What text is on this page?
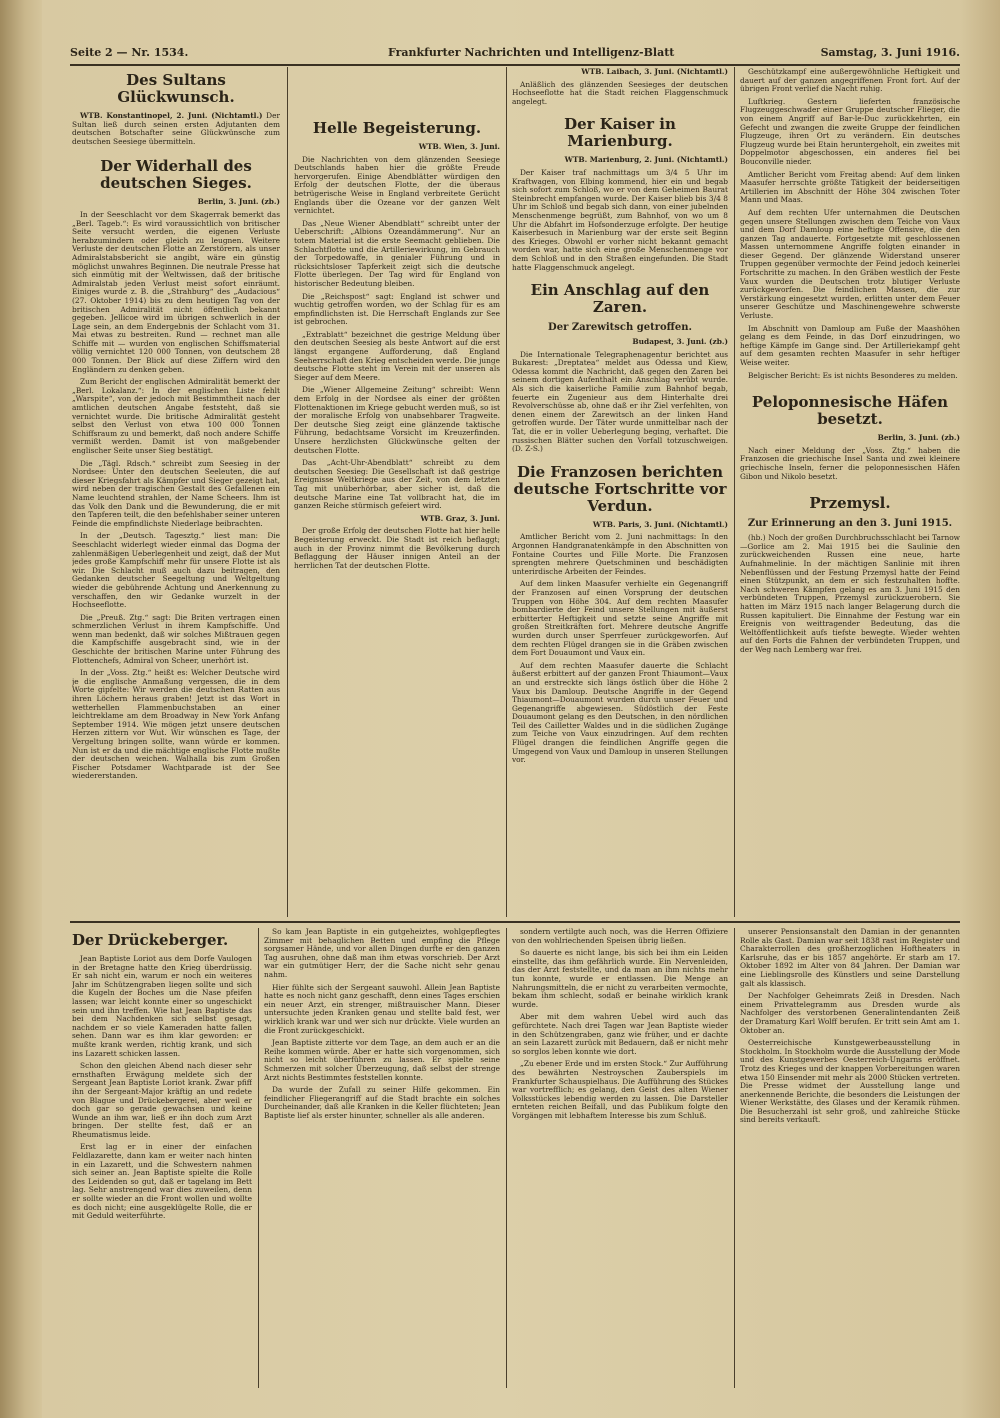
Seite 2 — Nr. 1534.	Frankfurter Nachrichten und Intelligenz-Blatt	Samstag, 3. Juni 1916.
Des Sultans Glückwunsch.

WTB. Konstantinopel, 2. Juni. (Nichtamtl.) Der Sultan ließ durch seinen ersten Adjutanten dem deutschen Botschafter seine Glückwünsche zum deutschen Seesiege übermitteln.

Der Widerhall des deutschen Sieges.

Berlin, 3. Juni. (zb.)

In der Seeschlacht vor dem Skagerrak bemerkt das „Berl. Tageb.“: Es wird voraussichtlich von britischer Seite versucht werden, die eigenen Verluste herabzumindern oder gleich zu leugnen. Weitere Verluste der deutschen Flotte an Zerstörern, als unser Admiralstabsbericht sie angibt, wäre ein günstig möglichst unwahres Beginnen. Die neutrale Presse hat sich einmütig mit der Weltwissen, daß der britische Admiralstab jeden Verlust meist sofort einräumt. Einiges wurde z. B. die „Strahburg“ des „Audacious“ (27. Oktober 1914) bis zu dem heutigen Tag von der britischen Admiralität nicht öffentlich bekannt gegeben. Jellicoe wird im übrigen schwerlich in der Lage sein, an dem Endergebnis der Schlacht vom 31. Mai etwas zu bestreiten. Rund — rechnet man alle Schiffe mit — wurden von englischen Schiffsmaterial völlig vernichtet 120 000 Tonnen, von deutschem 28 000 Tonnen. Der Blick auf diese Ziffern wird den Engländern zu denken geben.

Zum Bericht der englischen Admiralität bemerkt der „Berl. Lokalanz.“: In der englischen Liste fehlt „Warspite“, von der jedoch mit Bestimmtheit nach der amtlichen deutschen Angabe feststeht, daß sie vernichtet wurde. Die britische Admiralität gesteht selbst den Verlust von etwa 100 000 Tonnen Schiffsraum zu und bemerkt, daß noch andere Schiffe vermißt werden. Damit ist von maßgebender englischer Seite unser Sieg bestätigt.

Die „Tägl. Rdsch.“ schreibt zum Seesieg in der Nordsee: Unter den deutschen Seeleuten, die auf dieser Kriegsfahrt als Kämpfer und Sieger gezeigt hat, wird neben der tragischen Gestalt des Gefallenen ein Name leuchtend strahlen, der Name Scheers. Ihm ist das Volk den Dank und die Bewunderung, die er mit den Tapferen teilt, die den befehlshaber seiner unteren Feinde die empfindlichste Niederlage beibrachten.

In der „Deutsch. Tagesztg.“ liest man: Die Seeschlacht widerlegt wieder einmal das Dogma der zahlenmäßigen Ueberlegenheit und zeigt, daß der Mut jedes große Kampfschiff mehr für unsere Flotte ist als wir. Die Schlacht muß auch dazu beitragen, den Gedanken deutscher Seegeltung und Weltgeltung wieder die gebührende Achtung und Anerkennung zu verschaffen, den wir Gedanke wurzelt in der Hochseeflotte.

Die „Preuß. Ztg.“ sagt: Die Briten vertragen einen schmerzlichen Verlust in ihrem Kampfschiffe. Und wenn man bedenkt, daß wir solches Mißtrauen gegen die Kampfschiffe ausgebracht sind, wie in der Geschichte der britischen Marine unter Führung des Flottenchefs, Admiral von Scheer, unerhört ist.

In der „Voss. Ztg.“ heißt es: Welcher Deutsche wird je die englische Anmaßung vergessen, die in dem Worte gipfelte: Wir werden die deutschen Ratten aus ihren Löchern heraus graben! Jetzt ist das Wort in wetterhellen Flammenbuchstaben an einer leichtreklame am dem Broadway in New York Anfang September 1914. Wie mögen jetzt unsere deutschen Herzen zittern vor Wut. Wir wünschen es Tage, der Vergeltung bringen sollte, wann würde er kommen. Nun ist er da und die mächtige englische Flotte mußte der deutschen weichen. Walhalla bis zum Großen Fischer Potsdamer Wachtparade ist der See wiedererstanden.

Helle Begeisterung.

WTB. Wien, 3. Juni.

Die Nachrichten von dem glänzenden Seesiege Deutschlands haben hier die größte Freude hervorgerufen. Einige Abendblätter würdigen den Erfolg der deutschen Flotte, der die überaus betrügerische Weise in England verbreitete Gerücht Englands über die Ozeane vor der ganzen Welt vernichtet.

Das „Neue Wiener Abendblatt“ schreibt unter der Ueberschrift: „Albions Ozeandämmerung“. Nur an totem Material ist die erste Seemacht geblieben. Die Schlachtflotte und die Artilleriewirkung, im Gebrauch der Torpedowaffe, in genialer Führung und in rücksichtsloser Tapferkeit zeigt sich die deutsche Flotte überlegen. Der Tag wird für England von historischer Bedeutung bleiben.

Die „Reichspost“ sagt: England ist schwer und wuchtig getroffen worden, wo der Schlag für es am empfindlichsten ist. Die Herrschaft Englands zur See ist gebrochen.

„Extrablatt“ bezeichnet die gestrige Meldung über den deutschen Seesieg als beste Antwort auf die erst längst ergangene Aufforderung, daß England Seeherrschaft den Krieg entscheiden werde. Die junge deutsche Flotte steht im Verein mit der unseren als Sieger auf dem Meere.

Die „Wiener Allgemeine Zeitung“ schreibt: Wenn dem Erfolg in der Nordsee als einer der größten Flottenaktionen im Kriege gebucht werden muß, so ist der moralische Erfolg von unabsehbarer Tragweite. Der deutsche Sieg zeigt eine glänzende taktische Führung, bedachtsame Vorsicht im Kreuzerfinden. Unsere herzlichsten Glückwünsche gelten der deutschen Flotte.

Das „Acht-Uhr-Abendblatt“ schreibt zu dem deutschen Seesieg: Die Gesellschaft ist daß gestrige Ereignisse Weltkriege aus der Zeit, von dem letzten Tag mit unüberhörbar, aber sicher ist, daß die deutsche Marine eine Tat vollbracht hat, die im ganzen Reiche stürmisch gefeiert wird.

WTB. Graz, 3. Juni.

Der große Erfolg der deutschen Flotte hat hier helle Begeisterung erweckt. Die Stadt ist reich beflaggt; auch in der Provinz nimmt die Bevölkerung durch Beflaggung der Häuser innigen Anteil an der herrlichen Tat der deutschen Flotte.

WTB. Laibach, 3. Juni. (Nichtamtl.)

Anläßlich des glänzenden Seesieges der deutschen Hochseeflotte hat die Stadt reichen Flaggenschmuck angelegt.

Der Kaiser in Marienburg.

WTB. Marienburg, 2. Juni. (Nichtamtl.)

Der Kaiser traf nachmittags um 3/4 5 Uhr im Kraftwagen, von Elbing kommend, hier ein und begab sich sofort zum Schloß, wo er von dem Geheimen Baurat Steinbrecht empfangen wurde. Der Kaiser blieb bis 3/4 8 Uhr im Schloß und begab sich dann, von einer jubelnden Menschenmenge begrüßt, zum Bahnhof, von wo um 8 Uhr die Abfahrt im Hofsonderzuge erfolgte. Der heutige Kaiserbesuch in Marienburg war der erste seit Beginn des Krieges. Obwohl er vorher nicht bekannt gemacht worden war, hatte sich eine große Menschenmenge vor dem Schloß und in den Straßen eingefunden. Die Stadt hatte Flaggenschmuck angelegt.

Ein Anschlag auf den Zaren.
Der Zarewitsch getroffen.

Budapest, 3. Juni. (zb.)

Die Internationale Telegraphenagentur berichtet aus Bukarest: „Dreptatea“ meldet aus Odessa und Kiew, Odessa kommt die Nachricht, daß gegen den Zaren bei seinem dortigen Aufenthalt ein Anschlag verübt wurde. Als sich die kaiserliche Familie zum Bahnhof begab, feuerte ein Zugenieur aus dem Hinterhalte drei Revolverschüsse ab, ohne daß er ihr Ziel verfehlten, von denen einem der Zarewitsch an der linken Hand getroffen wurde. Der Täter wurde unmittelbar nach der Tat, die er in voller Ueberlegung beging, verhaftet. Die russischen Blätter suchen den Vorfall totzuschweigen. (D. Z-S.)

Die Franzosen berichten deutsche Fortschritte vor Verdun.

WTB. Paris, 3. Juni. (Nichtamtl.)

Amtlicher Bericht vom 2. Juni nachmittags: In den Argonnen Handgranatenkämpfe in den Abschnitten von Fontaine Courtes und Fille Morte. Die Franzosen sprengten mehrere Quetschminen und beschädigten unterirdische Arbeiten der Feindes.

Auf dem linken Maasufer verhielte ein Gegenangriff der Franzosen auf einen Vorsprung der deutschen Truppen von Höhe 304. Auf dem rechten Maasufer bombardierte der Feind unsere Stellungen mit äußerst erbitterter Heftigkeit und setzte seine Angriffe mit großen Streitkräften fort. Mehrere deutsche Angriffe wurden durch unser Sperrfeuer zurückgeworfen. Auf dem rechten Flügel drangen sie in die Gräben zwischen dem Fort Douaumont und Vaux ein.

Auf dem rechten Maasufer dauerte die Schlacht äußerst erbittert auf der ganzen Front Thiaumont—Vaux an und erstreckte sich längs östlich über die Höhe 2 Vaux bis Damloup. Deutsche Angriffe in der Gegend Thiaumont—Douaumont wurden durch unser Feuer und Gegenangriffe abgewiesen. Südöstlich der Feste Douaumont gelang es den Deutschen, in den nördlichen Teil des Cailletter Waldes und in die südlichen Zugänge zum Teiche von Vaux einzudringen. Auf dem rechten Flügel drangen die feindlichen Angriffe gegen die Umgegend von Vaux und Damloup in unseren Stellungen vor.

Geschützkampf eine außergewöhnliche Heftigkeit und dauert auf der ganzen angegriffenen Front fort. Auf der übrigen Front verlief die Nacht ruhig.

Luftkrieg. Gestern lieferten französische Flugzeuggeschwader einer Gruppe deutscher Flieger, die von einem Angriff auf Bar-le-Duc zurückkehrten, ein Gefecht und zwangen die zweite Gruppe der feindlichen Flugzeuge, ihren Ort zu verändern. Ein deutsches Flugzeug wurde bei Etain heruntergeholt, ein zweites mit Doppelmotor abgeschossen, ein anderes fiel bei Bouconville nieder.

Amtlicher Bericht vom Freitag abend: Auf dem linken Maasufer herrschte größte Tätigkeit der beiderseitigen Artillerien im Abschnitt der Höhe 304 zwischen Toter Mann und Maas.

Auf dem rechten Ufer unternahmen die Deutschen gegen unsere Stellungen zwischen dem Teiche von Vaux und dem Dorf Damloup eine heftige Offensive, die den ganzen Tag andauerte. Fortgesetzte mit geschlossenen Massen unternommene Angriffe folgten einander in dieser Gegend. Der glänzende Widerstand unserer Truppen gegenüber vermochte der Feind jedoch keinerlei Fortschritte zu machen. In den Gräben westlich der Feste Vaux wurden die Deutschen trotz blutiger Verluste zurückgeworfen. Die feindlichen Massen, die zur Verstärkung eingesetzt wurden, erlitten unter dem Feuer unserer Geschütze und Maschinengewehre schwerste Verluste.

Im Abschnitt von Damloup am Fuße der Maashöhen gelang es dem Feinde, in das Dorf einzudringen, wo heftige Kämpfe im Gange sind. Der Artilleriekampf geht auf dem gesamten rechten Maasufer in sehr heftiger Weise weiter.

Belgischer Bericht: Es ist nichts Besonderes zu melden.

Peloponnesische Häfen besetzt.

Berlin, 3. Juni. (zb.)

Nach einer Meldung der „Voss. Ztg.“ haben die Franzosen die griechische Insel Santa und zwei kleinere griechische Inseln, ferner die peloponnesischen Häfen Gibon und Nikolo besetzt.

Przemysl.
Zur Erinnerung an den 3. Juni 1915.

(hb.) Noch der großen Durchbruchsschlacht bei Tarnow—Gorlice am 2. Mai 1915 bei die Saulinie den zurückweichenden Russen eine neue, harte Aufnahmelinie. In der mächtigen Sanlinie mit ihren Nebenflüssen und der Festung Przemysl hatte der Feind einen Stützpunkt, an dem er sich festzuhalten hoffte. Nach schweren Kämpfen gelang es am 3. Juni 1915 den verbündeten Truppen, Przemysl zurückzuerobern. Sie hatten im März 1915 nach langer Belagerung durch die Russen kapituliert. Die Einnahme der Festung war ein Ereignis von weittragender Bedeutung, das die Weltöffentlichkeit aufs tiefste bewegte. Wieder wehten auf den Forts die Fahnen der verbündeten Truppen, und der Weg nach Lemberg war frei.

Der Drückeberger.

Jean Baptiste Loriot aus dem Dorfe Vaulogen in der Bretagne hatte den Krieg überdrüssig. Er sah nicht ein, warum er noch ein weiteres Jahr im Schützengraben liegen sollte und sich die Kugeln der Boches um die Nase pfeifen lassen; war leicht konnte einer so ungeschickt sein und ihn treffen. Wie hat Jean Baptiste das bei dem Nachdenken sich selbst gesagt, nachdem er so viele Kameraden hatte fallen sehen. Dann war es ihm klar geworden: er mußte krank werden, richtig krank, und sich ins Lazarett schicken lassen.

Schon den gleichen Abend nach dieser sehr ernsthaften Erwägung meldete sich der Sergeant Jean Baptiste Loriot krank. Zwar pfiff ihn der Sergeant-Major kräftig an und redete von Blague und Drückebergerei, aber weil er doch gar so gerade gewachsen und keine Wunde an ihm war, ließ er ihn doch zum Arzt bringen. Der stellte fest, daß er an Rheumatismus leide.

Erst lag er in einer der einfachen Feldlazarette, dann kam er weiter nach hinten in ein Lazarett, und die Schwestern nahmen sich seiner an. Jean Baptiste spielte die Rolle des Leidenden so gut, daß er tagelang im Bett lag. Sehr anstrengend war dies zuweilen, denn er sollte wieder an die Front wollen und wollte es doch nicht; eine ausgeklügelte Rolle, die er mit Geduld weiterführte.

So kam Jean Baptiste in ein gutgeheiztes, wohlgepflegtes Zimmer mit behaglichen Betten und empfing die Pflege sorgsamer Hände, und vor allen Dingen durfte er den ganzen Tag ausruhen, ohne daß man ihm etwas vorschrieb. Der Arzt war ein gutmütiger Herr, der die Sache nicht sehr genau nahm.

Hier fühlte sich der Sergeant sauwohl. Allein Jean Baptiste hatte es noch nicht ganz geschafft, denn eines Tages erschien ein neuer Arzt, ein strenger, mißtrauischer Mann. Dieser untersuchte jeden Kranken genau und stellte bald fest, wer wirklich krank war und wer sich nur drückte. Viele wurden an die Front zurückgeschickt.

Jean Baptiste zitterte vor dem Tage, an dem auch er an die Reihe kommen würde. Aber er hatte sich vorgenommen, sich nicht so leicht überführen zu lassen. Er spielte seine Schmerzen mit solcher Überzeugung, daß selbst der strenge Arzt nichts Bestimmtes feststellen konnte.

Da wurde der Zufall zu seiner Hilfe gekommen. Ein feindlicher Fliegerangriff auf die Stadt brachte ein solches Durcheinander, daß alle Kranken in die Keller flüchteten; Jean Baptiste lief als erster hinunter, schneller als alle anderen.

sondern vertilgte auch noch, was die Herren Offiziere von den wohlriechenden Speisen übrig ließen.

So dauerte es nicht lange, bis sich bei ihm ein Leiden einstellte, das ihm gefährlich wurde. Ein Nervenleiden, das der Arzt feststellte, und da man an ihm nichts mehr tun konnte, wurde er entlassen. Die Menge an Nahrungsmitteln, die er nicht zu verarbeiten vermochte, bekam ihm schlecht, sodaß er beinahe wirklich krank wurde.

Aber mit dem wahren Uebel wird auch das gefürchtete. Nach drei Tagen war Jean Baptiste wieder in den Schützengraben, ganz wie früher, und er dachte an sein Lazarett zurück mit Bedauern, daß er nicht mehr so sorglos leben konnte wie dort.

„Zu ebener Erde und im ersten Stock.“ Zur Aufführung des bewährten Nestroyschen Zauberspiels im Frankfurter Schauspielhaus. Die Aufführung des Stückes war vortrefflich; es gelang, den Geist des alten Wiener Volksstückes lebendig werden zu lassen. Die Darsteller ernteten reichen Beifall, und das Publikum folgte den Vorgängen mit lebhaftem Interesse bis zum Schluß.

unserer Pensionsanstalt den Damian in der genannten Rolle als Gast. Damian war seit 1838 rast im Register und Charakterrollen des großherzoglichen Hoftheaters in Karlsruhe, das er bis 1857 angehörte. Er starb am 17. Oktober 1892 im Alter von 84 Jahren. Der Damian war eine Lieblingsrolle des Künstlers und seine Darstellung galt als klassisch.

Der Nachfolger Geheimrats Zeiß in Dresden. Nach einem Privattelegramm aus Dresden wurde als Nachfolger des verstorbenen Generalintendanten Zeiß der Dramaturg Karl Wolff berufen. Er tritt sein Amt am 1. Oktober an.

Oesterreichische Kunstgewerbeausstellung in Stockholm. In Stockholm wurde die Ausstellung der Mode und des Kunstgewerbes Oesterreich-Ungarns eröffnet. Trotz des Krieges und der knappen Vorbereitungen waren etwa 150 Einsender mit mehr als 2000 Stücken vertreten. Die Presse widmet der Ausstellung lange und anerkennende Berichte, die besonders die Leistungen der Wiener Werkstätte, des Glases und der Keramik rühmen. Die Besucherzahl ist sehr groß, und zahlreiche Stücke sind bereits verkauft.
